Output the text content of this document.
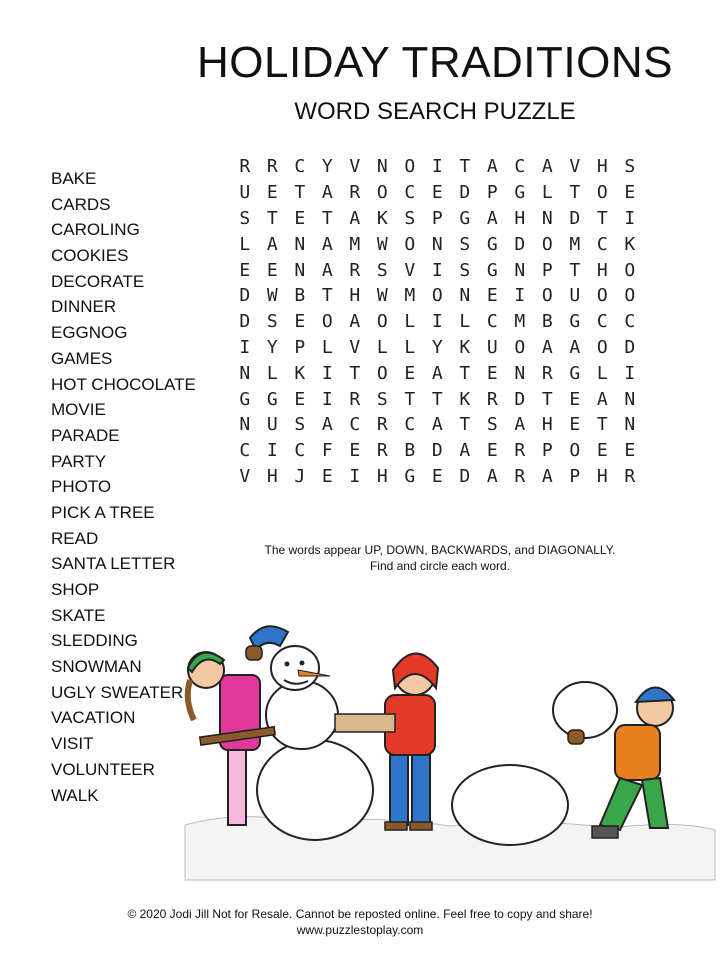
HOLIDAY TRADITIONS
WORD SEARCH PUZZLE
BAKE
CARDS
CAROLING
COOKIES
DECORATE
DINNER
EGGNOG
GAMES
HOT CHOCOLATE
MOVIE
PARADE
PARTY
PHOTO
PICK A TREE
READ
SANTA LETTER
SHOP
SKATE
SLEDDING
SNOWMAN
UGLY SWEATER
VACATION
VISIT
VOLUNTEER
WALK
R	R	C	Y	V	N	O	I	T	A	C	A	V	H	S
U	E	T	A	R	O	C	E	D	P	G	L	T	O	E
S	T	E	T	A	K	S	P	G	A	H	N	D	T	I
L	A	N	A	M	W	O	N	S	G	D	O	M	C	K
E	E	N	A	R	S	V	I	S	G	N	P	T	H	O
D	W	B	T	H	W	M	O	N	E	I	O	U	O	O
D	S	E	O	A	O	L	I	L	C	M	B	G	C	C
I	Y	P	L	V	L	L	Y	K	U	O	A	A	O	D
N	L	K	I	T	O	E	A	T	E	N	R	G	L	I
G	G	E	I	R	S	T	T	K	R	D	T	E	A	N
N	U	S	A	C	R	C	A	T	S	A	H	E	T	N
C	I	C	F	E	R	B	D	A	E	R	P	O	E	E
V	H	J	E	I	H	G	E	D	A	R	A	P	H	R
The words appear UP, DOWN, BACKWARDS, and DIAGONALLY.
Find and circle each word.
© 2020 Jodi Jill Not for Resale. Cannot be reposted online. Feel free to copy and share!
www.puzzlestoplay.com
